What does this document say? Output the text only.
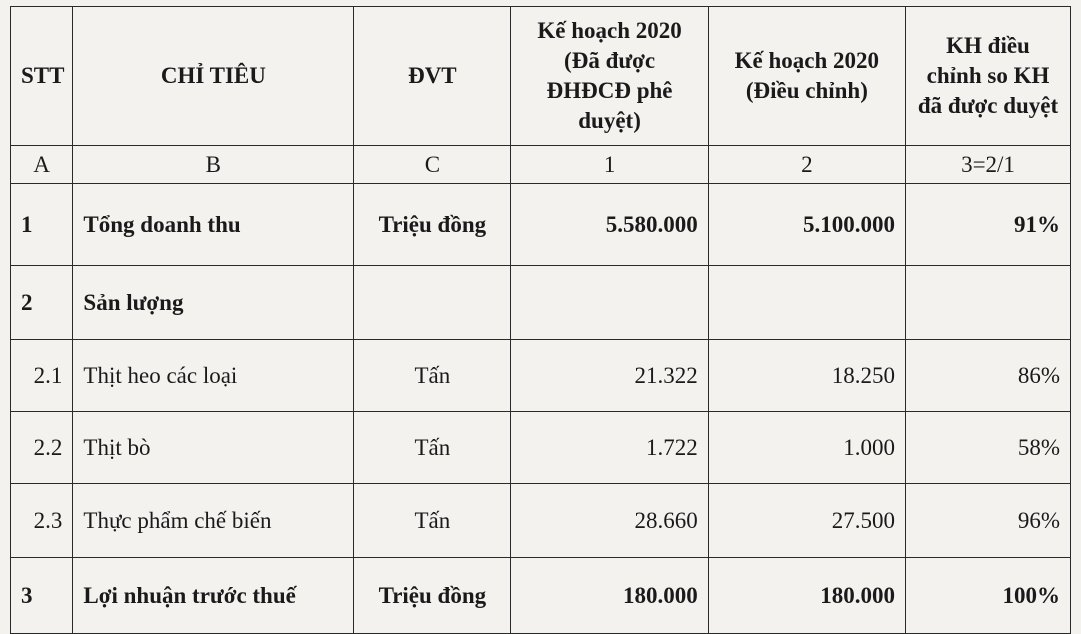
STT	CHỈ TIÊU	ĐVT	Kế hoạch 2020 (Đã được ĐHĐCĐ phê duyệt)	Kế hoạch 2020 (Điều chỉnh)	KH điều chỉnh so KH đã được duyệt
A	B	C	1	2	3=2/1
1	Tổng doanh thu	Triệu đồng	5.580.000	5.100.000	91%
2	Sản lượng				
2.1	Thịt heo các loại	Tấn	21.322	18.250	86%
2.2	Thịt bò	Tấn	1.722	1.000	58%
2.3	Thực phẩm chế biến	Tấn	28.660	27.500	96%
3	Lợi nhuận trước thuế	Triệu đồng	180.000	180.000	100%
